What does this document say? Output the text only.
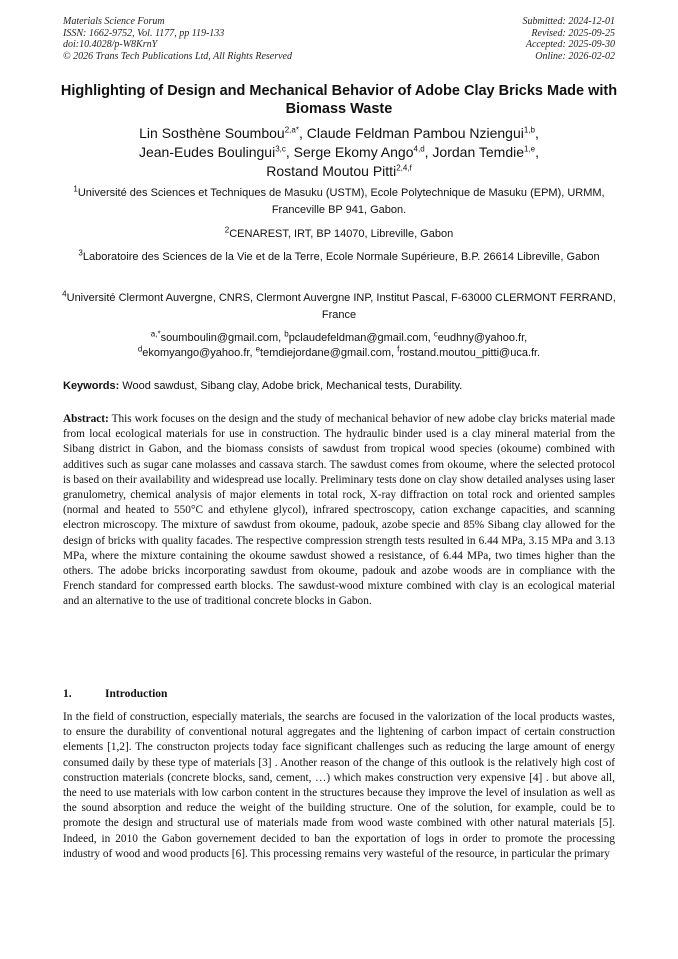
Materials Science Forum
ISSN: 1662-9752, Vol. 1177, pp 119-133
doi:10.4028/p-W8KrnY
© 2026 Trans Tech Publications Ltd, All Rights Reserved
Submitted: 2024-12-01
Revised: 2025-09-25
Accepted: 2025-09-30
Online: 2026-02-02
Highlighting of Design and Mechanical Behavior of Adobe Clay Bricks Made with Biomass Waste
Lin Sosthène Soumbou$^{2,a*}$, Claude Feldman Pambou Nziengui$^{1,b}$,
Jean-Eudes Boulingui$^{3,c}$, Serge Ekomy Ango$^{4,d}$, Jordan Temdie$^{1,e}$,
Rostand Moutou Pitti$^{2,4,f}$
$^1$Université des Sciences et Techniques de Masuku (USTM), Ecole Polytechnique de Masuku (EPM), URMM, Franceville BP 941, Gabon.
$^2$CENAREST, IRT, BP 14070, Libreville, Gabon
$^3$Laboratoire des Sciences de la Vie et de la Terre, Ecole Normale Supérieure, B.P. 26614 Libreville, Gabon
$^4$Université Clermont Auvergne, CNRS, Clermont Auvergne INP, Institut Pascal, F-63000 CLERMONT FERRAND, France
$^{a,*}$soumboulin@gmail.com, $^b$pclaudefeldman@gmail.com, $^c$eudhny@yahoo.fr,
$^d$ekomyango@yahoo.fr, $^e$temdiejordane@gmail.com, $^f$rostand.moutou_pitti@uca.fr.
Keywords: Wood sawdust, Sibang clay, Adobe brick, Mechanical tests, Durability.
Abstract: This work focuses on the design and the study of mechanical behavior of new adobe clay bricks material made from local ecological materials for use in construction. The hydraulic binder used is a clay mineral material from the Sibang district in Gabon, and the biomass consists of sawdust from tropical wood species (okoume) combined with additives such as sugar cane molasses and cassava starch. The sawdust comes from okoume, where the selected protocol is based on their availability and widespread use locally. Preliminary tests done on clay show detailed analyses using laser granulometry, chemical analysis of major elements in total rock, X-ray diffraction on total rock and oriented samples (normal and heated to 550°C and ethylene glycol), infrared spectroscopy, cation exchange capacities, and scanning electron microscopy. The mixture of sawdust from okoume, padouk, azobe specie and 85% Sibang clay allowed for the design of bricks with quality facades. The respective compression strength tests resulted in 6.44 MPa, 3.15 MPa and 3.13 MPa, where the mixture containing the okoume sawdust showed a resistance, of 6.44 MPa, two times higher than the others. The adobe bricks incorporating sawdust from okoume, padouk and azobe woods are in compliance with the French standard for compressed earth blocks. The sawdust-wood mixture combined with clay is an ecological material and an alternative to the use of traditional concrete blocks in Gabon.
1.	Introduction
In the field of construction, especially materials, the searchs are focused in the valorization of the local products wastes, to ensure the durability of conventional notural aggregates and the lightening of carbon impact of certain construction elements [1,2]. The constructon projects today face significant challenges such as reducing the large amount of energy consumed daily by these type of materials [3] . Another reason of the change of this outlook is the relatively high cost of construction materials (concrete blocks, sand, cement, …) which makes construction very expensive [4] . but above all, the need to use materials with low carbon content in the structures because they improve the level of insulation as well as the sound absorption and reduce the weight of the building structure. One of the solution, for example, could be to promote the design and structural use of materials made from wood waste combined with other natural materials [5]. Indeed, in 2010 the Gabon governement decided to ban the exportation of logs in order to promote the processing industry of wood and wood products [6]. This processing remains very wasteful of the resource, in particular the primary
